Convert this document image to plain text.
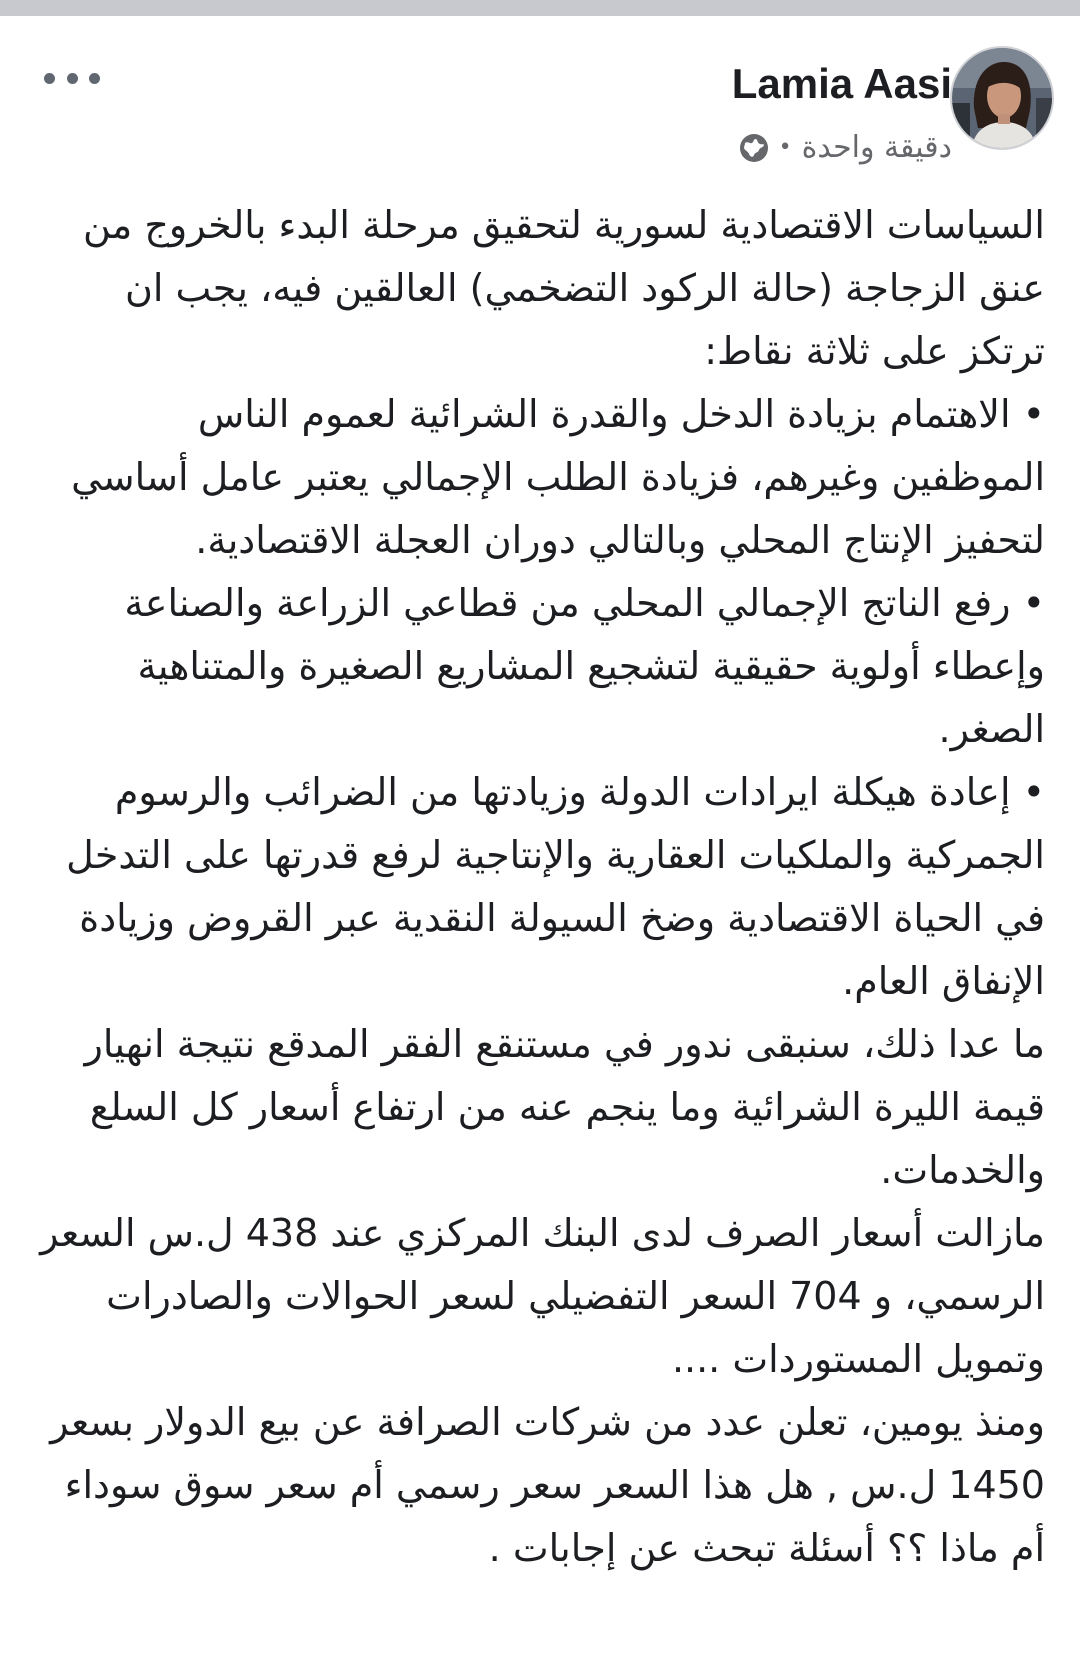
Lamia Aasi
• دقيقة واحدة

السياسات الاقتصادية لسورية لتحقيق مرحلة البدء بالخروج من عنق الزجاجة (حالة الركود التضخمي) العالقين فيه، يجب ان ترتكز على ثلاثة نقاط:

• الاهتمام بزيادة الدخل والقدرة الشرائية لعموم الناس الموظفين وغيرهم، فزيادة الطلب الإجمالي يعتبر عامل أساسي لتحفيز الإنتاج المحلي وبالتالي دوران العجلة الاقتصادية.

• رفع الناتج الإجمالي المحلي من قطاعي الزراعة والصناعة وإعطاء أولوية حقيقية لتشجيع المشاريع الصغيرة والمتناهية الصغر.

• إعادة هيكلة ايرادات الدولة وزيادتها من الضرائب والرسوم الجمركية والملكيات العقارية والإنتاجية لرفع قدرتها على التدخل في الحياة الاقتصادية وضخ السيولة النقدية عبر القروض وزيادة الإنفاق العام.

ما عدا ذلك، سنبقى ندور في مستنقع الفقر المدقع نتيجة انهيار قيمة الليرة الشرائية وما ينجم عنه من ارتفاع أسعار كل السلع والخدمات.

مازالت أسعار الصرف لدى البنك المركزي عند 438 ل.س السعر الرسمي، و 704 السعر التفضيلي لسعر الحوالات والصادرات وتمويل المستوردات ....

ومنذ يومين، تعلن عدد من شركات الصرافة عن بيع الدولار بسعر 1450 ل.س , هل هذا السعر سعر رسمي أم سعر سوق سوداء أم ماذا ؟؟ أسئلة تبحث عن إجابات .
